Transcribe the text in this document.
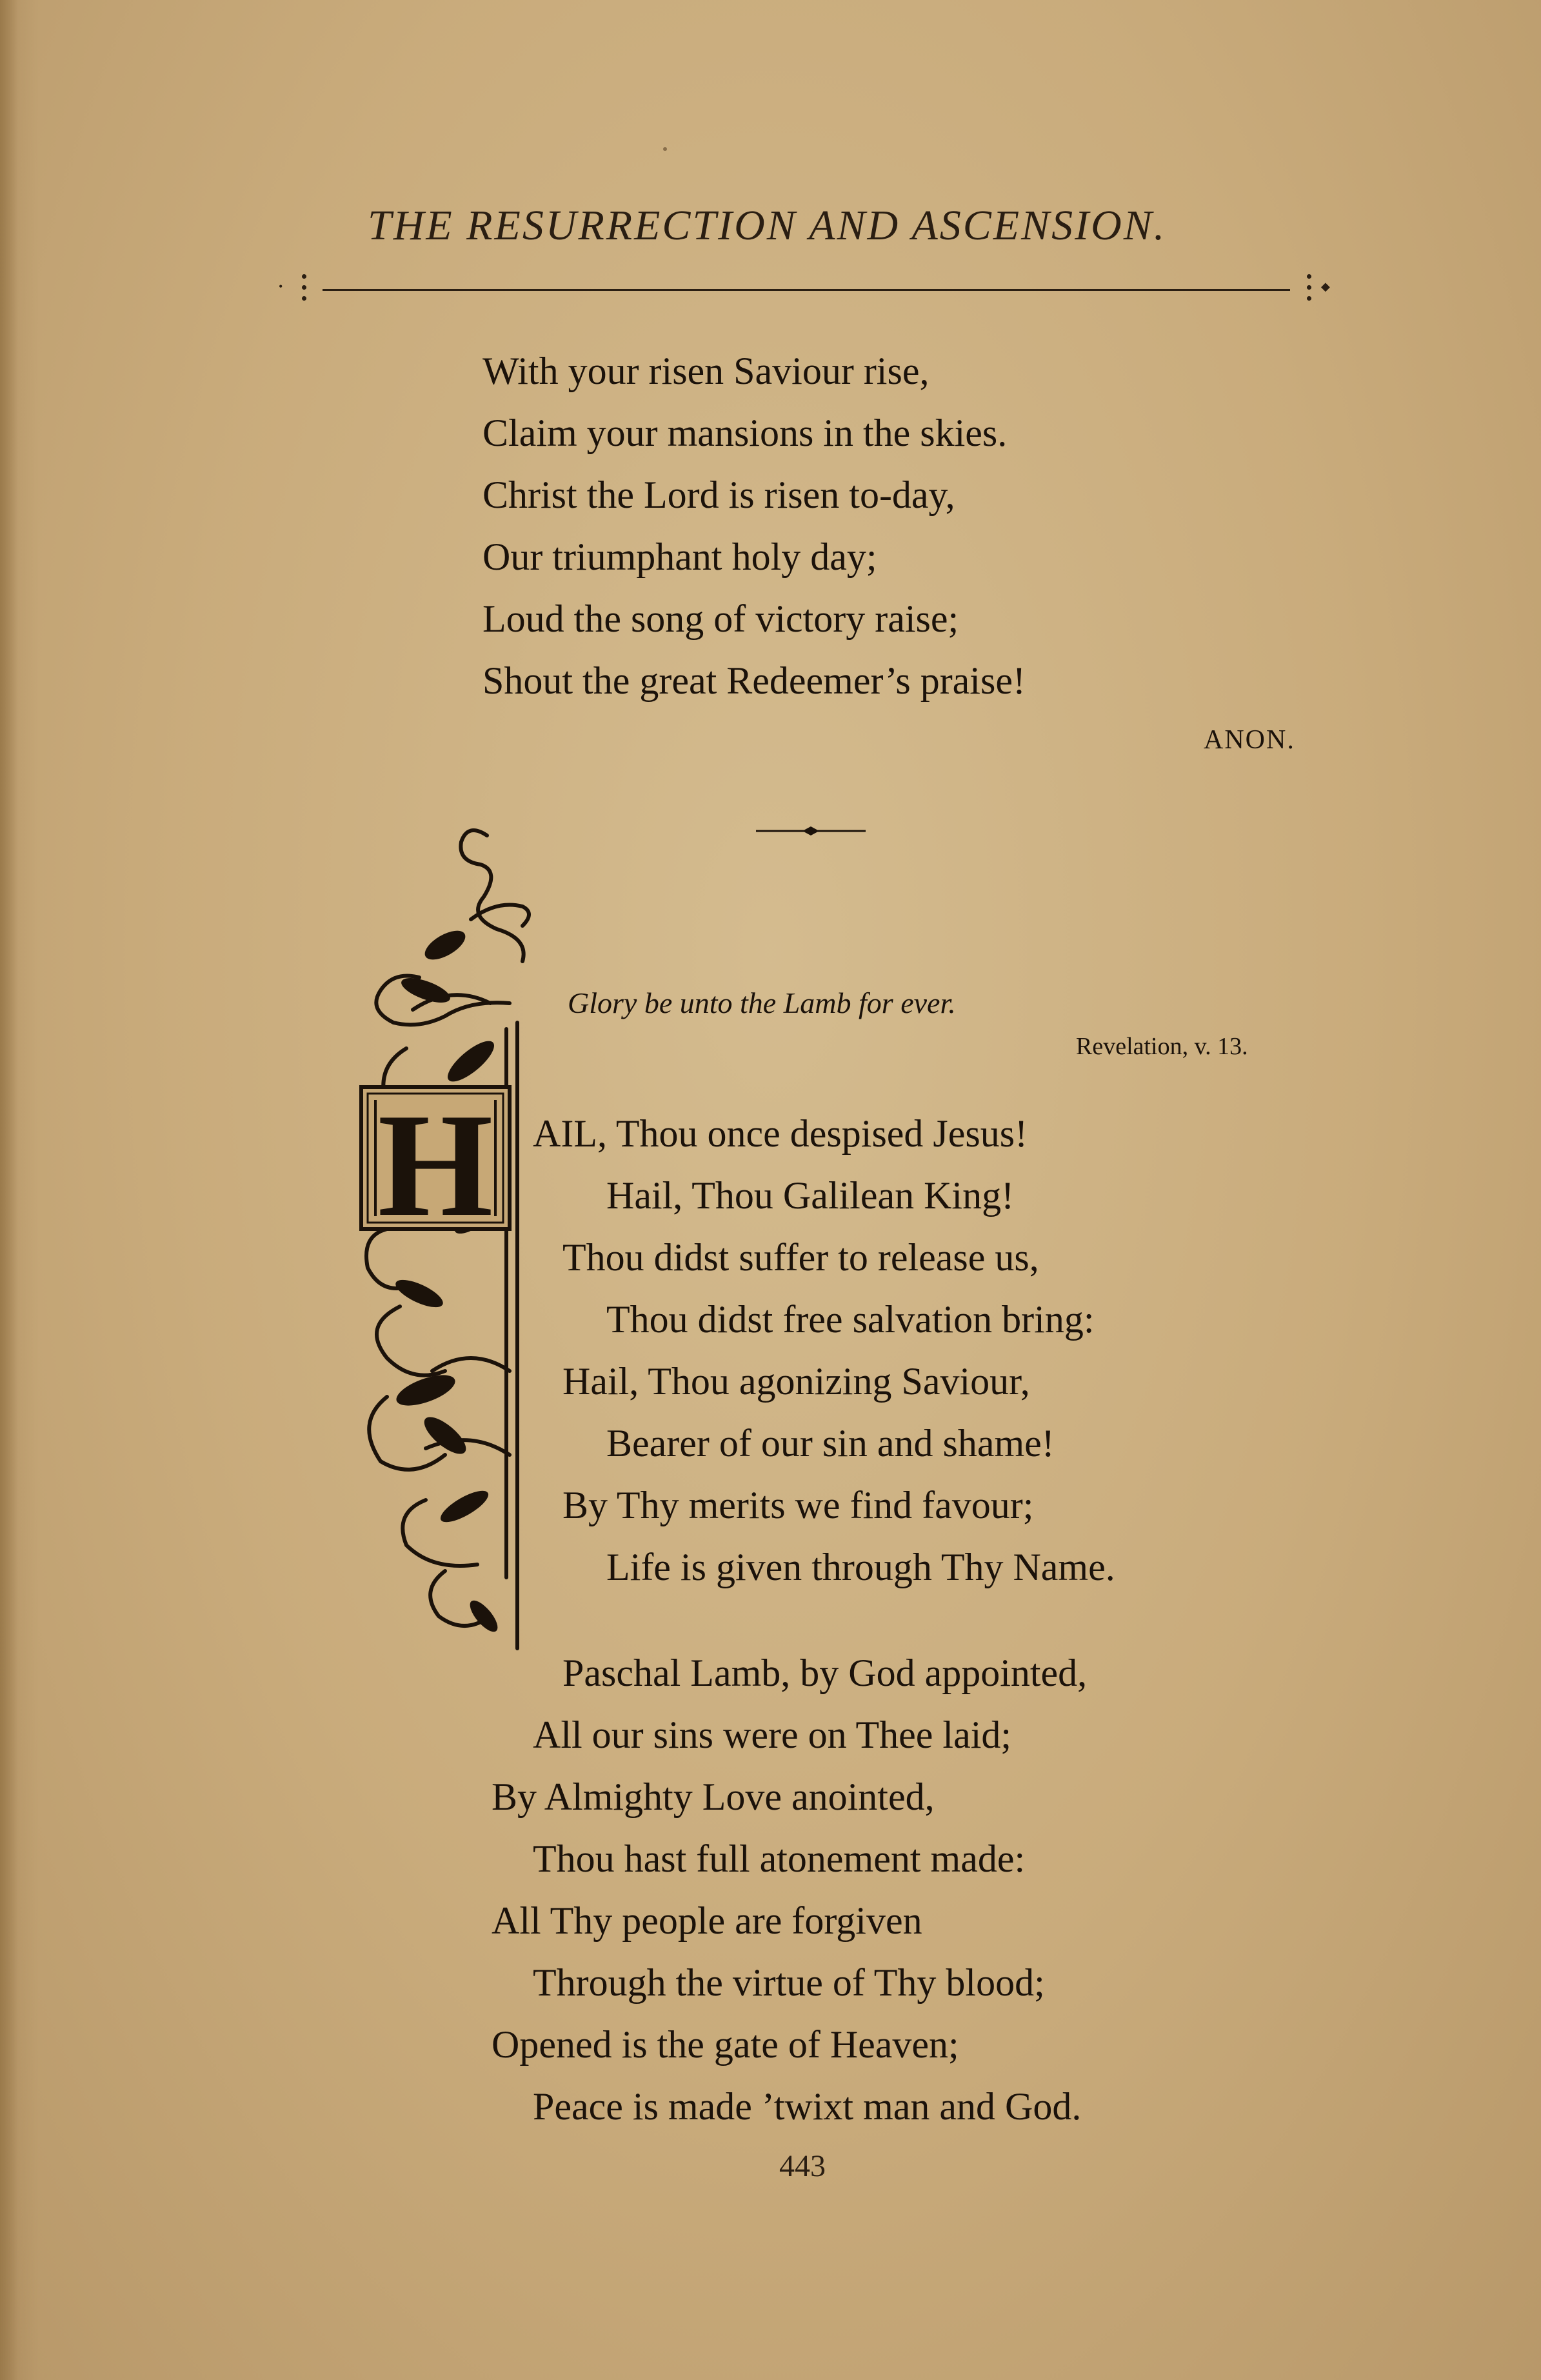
THE RESURRECTION AND ASCENSION.
•	◆
With your risen Saviour rise,
Claim your mansions in the skies.
Christ the Lord is risen to-day,
Our triumphant holy day;
Loud the song of victory raise;
Shout the great Redeemer’s praise!
ANON.
H
Glory be unto the Lamb for ever.
Revelation, v. 13.
AIL, Thou once despised Jesus!
Hail, Thou Galilean King!
Thou didst suffer to release us,
Thou didst free salvation bring:
Hail, Thou agonizing Saviour,
Bearer of our sin and shame!
By Thy merits we find favour;
Life is given through Thy Name.
Paschal Lamb, by God appointed,
All our sins were on Thee laid;
By Almighty Love anointed,
Thou hast full atonement made:
All Thy people are forgiven
Through the virtue of Thy blood;
Opened is the gate of Heaven;
Peace is made ’twixt man and God.
443
